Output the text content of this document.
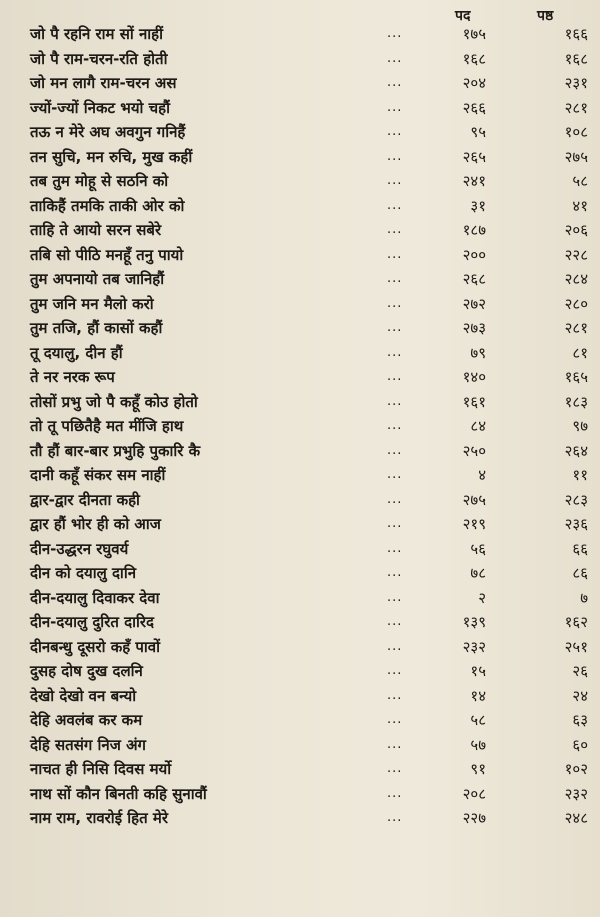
पद	पष्ठ
जो पै रहनि राम सों नाहीं	...	१७५	१६६
जो पै राम-चरन-रति होती	...	१६८	१६८
जो मन लागै राम-चरन अस	...	२०४	२३१
ज्यों-ज्यों निकट भयो चहौं	...	२६६	२८१
तऊ न मेरे अघ अवगुन गनिहैं	...	९५	१०८
तन सुचि, मन रुचि, मुख कहीं	...	२६५	२७५
तब तुम मोहू से सठनि को	...	२४१	५८
ताकिहैं तमकि ताकी ओर को	...	३१	४१
ताहि ते आयो सरन सबेरे	...	१८७	२०६
तबि सो पीठि मनहूँ तनु पायो	...	२००	२२८
तुम अपनायो तब जानिहौं	...	२६८	२८४
तुम जनि मन मैलो करो	...	२७२	२८०
तुम तजि, हौं कासों कहौं	...	२७३	२८१
तू दयालु, दीन हौं	...	७९	८१
ते नर नरक रूप	...	१४०	१६५
तोसों प्रभु जो पै कहूँ कोउ होतो	...	१६१	१८३
तो तू पछितैहै मत मींजि हाथ	...	८४	९७
तौ हौं बार-बार प्रभुहि पुकारि कै	...	२५०	२६४
दानी कहूँ संकर सम नाहीं	...	४	११
द्वार-द्वार दीनता कही	...	२७५	२८३
द्वार हौं भोर ही को आज	...	२१९	२३६
दीन-उद्धरन रघुवर्य	...	५६	६६
दीन को दयालु दानि	...	७८	८६
दीन-दयालु दिवाकर देवा	...	२	७
दीन-दयालु दुरित दारिद	...	१३९	१६२
दीनबन्धु दूसरो कहँ पावों	...	२३२	२५१
दुसह दोष दुख दलनि	...	१५	२६
देखो देखो वन बन्यो	...	१४	२४
देहि अवलंब कर कम	...	५८	६३
देहि सतसंग निज अंग	...	५७	६०
नाचत ही निसि दिवस मर्यो	...	९१	१०२
नाथ सों कौन बिनती कहि सुनावौं	...	२०८	२३२
नाम राम, रावरोई हित मेरे	...	२२७	२४८
